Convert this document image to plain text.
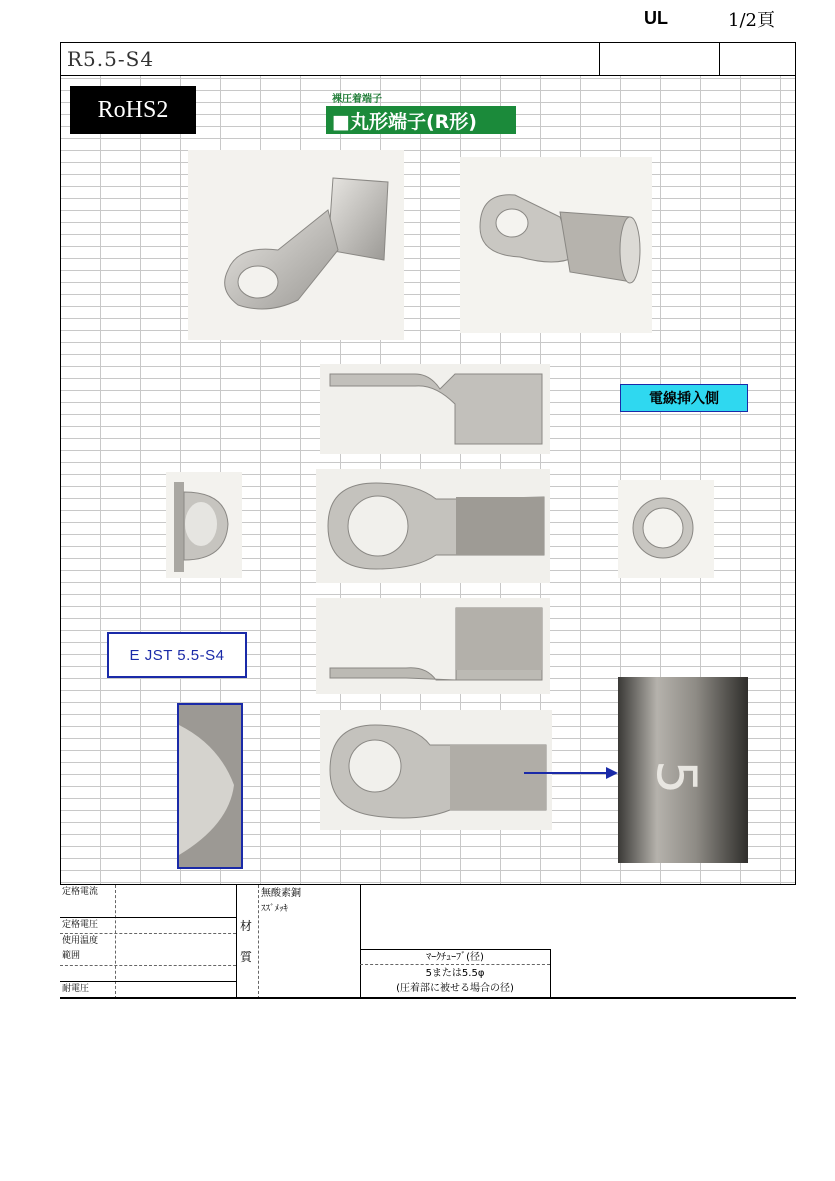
R5.5-S4
UL	1/2頁
RoHS2	裸圧着端子
■丸形端子(R形)
5
電線挿入側
E JST 5.5-S4
定格電流
定格電圧
使用温度
範囲
耐電圧
材
質
無酸素銅
ｽｽﾞﾒｯｷ
ﾏｰｸﾁｭｰﾌﾞ(径)
5または5.5φ
(圧着部に被せる場合の径)
